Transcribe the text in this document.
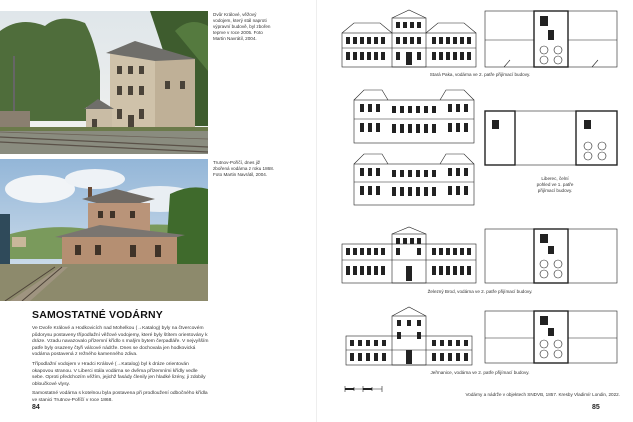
Dvůr Králové, věžový
vodojem, který stál naproti
výpravní budově, byl zbořen
teprve v roce 2005. Foto
Martin Navrátil, 2004.
Trutnov-Poříčí, dnes již
zbořená vodárna z roku 1868.
Foto Martin Navrátil, 2004.
SAMOSTATNÉ VODÁRNY

Ve Dvoře Králové a Hodkovicích nad Mohelkou (→Katalog) byly na čtvercovém půdorysu postaveny třípodlažní věžové vodojemy, které byly štítem orientovány k dráze. Vzadu navazovalo přízemní křídlo s malým bytem čerpadláře. V nejvyšším patře byly osazeny čtyři válcové nádrže. Dnes se dochovala jen hodkovická vodárna postavená z režného kamenného zdiva.

Třípodlažní vodojem v Hradci Králové (→Katalog) byl k dráze orientován okapovou stranou. V Liberci stála vodárna se dvěma přízemními křídly vedle sebe. Oproti předchozím věžím, jejichž fasády členily jen hladké lizény, ji zdobily obloučkové vlysy.

Samostatné vodárna s kotelnou byla postavena při prodloužení odbočného křídla ve stanici Trutnov-Poříčí v roce 1868.

84
Stará Paka, vodárna ve 2. patře přijímací budovy.
Liberec, čelní
pohled ve 1. patře
přijímací budovy.
Železný Brod, vodárna ve 2. patře přijímací budovy.
Jeřmanice, vodárna ve 2. patře přijímací budovy.
Vodárny a nádrže v objektech SNDVB, 1857. Kresby Vladimír Londin, 2022.
85
